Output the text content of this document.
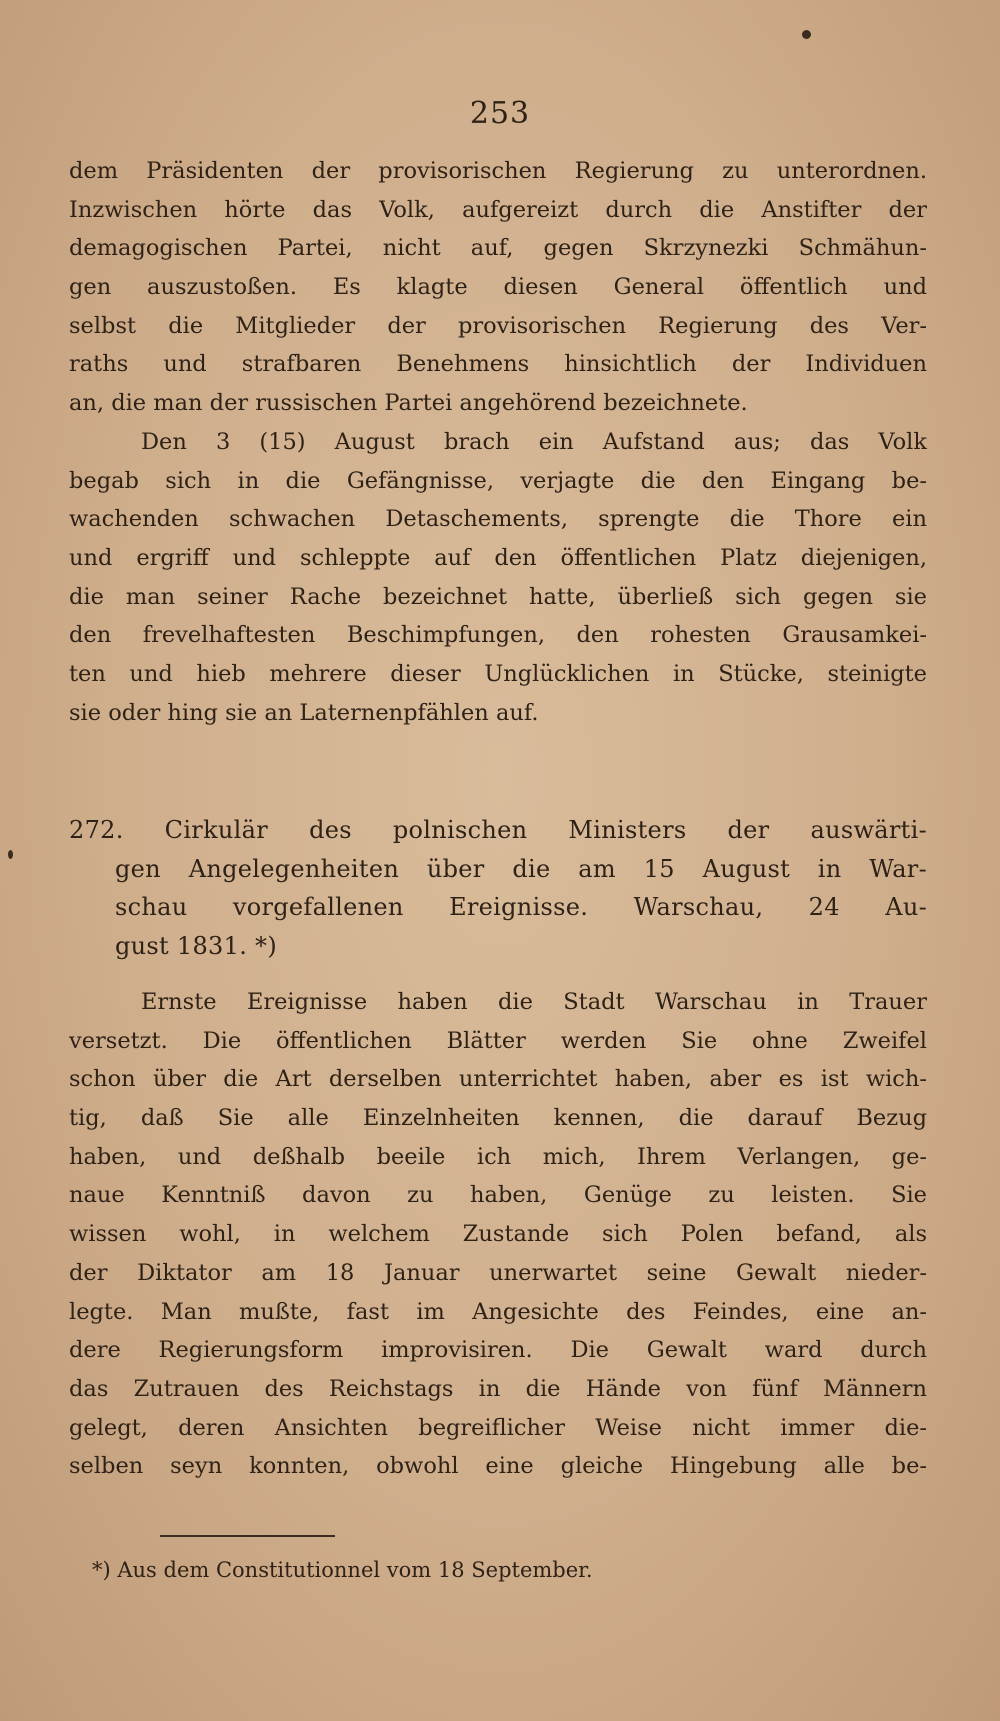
253
dem Präsidenten der provisorischen Regierung zu unterordnen.
Inzwischen hörte das Volk, aufgereizt durch die Anstifter der
demagogischen Partei, nicht auf, gegen Skrzynezki Schmähun-
gen auszustoßen. Es klagte diesen General öffentlich und
selbst die Mitglieder der provisorischen Regierung des Ver-
raths und strafbaren Benehmens hinsichtlich der Individuen
an, die man der russischen Partei angehörend bezeichnete.
Den 3 (15) August brach ein Aufstand aus; das Volk
begab sich in die Gefängnisse, verjagte die den Eingang be-
wachenden schwachen Detaschements, sprengte die Thore ein
und ergriff und schleppte auf den öffentlichen Platz diejenigen,
die man seiner Rache bezeichnet hatte, überließ sich gegen sie
den frevelhaftesten Beschimpfungen, den rohesten Grausamkei-
ten und hieb mehrere dieser Unglücklichen in Stücke, steinigte
sie oder hing sie an Laternenpfählen auf.
272. Cirkulär des polnischen Ministers der auswärti-
gen Angelegenheiten über die am 15 August in War-
schau vorgefallenen Ereignisse. Warschau, 24 Au-
gust 1831. *)
Ernste Ereignisse haben die Stadt Warschau in Trauer
versetzt. Die öffentlichen Blätter werden Sie ohne Zweifel
schon über die Art derselben unterrichtet haben, aber es ist wich-
tig, daß Sie alle Einzelnheiten kennen, die darauf Bezug
haben, und deßhalb beeile ich mich, Ihrem Verlangen, ge-
naue Kenntniß davon zu haben, Genüge zu leisten. Sie
wissen wohl, in welchem Zustande sich Polen befand, als
der Diktator am 18 Januar unerwartet seine Gewalt nieder-
legte. Man mußte, fast im Angesichte des Feindes, eine an-
dere Regierungsform improvisiren. Die Gewalt ward durch
das Zutrauen des Reichstags in die Hände von fünf Männern
gelegt, deren Ansichten begreiflicher Weise nicht immer die-
selben seyn konnten, obwohl eine gleiche Hingebung alle be-
*) Aus dem Constitutionnel vom 18 September.
